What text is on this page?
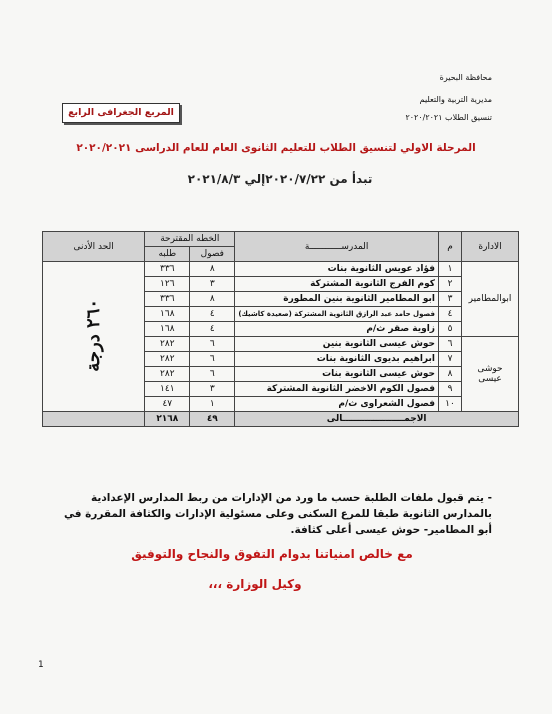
محافظة البحيرة
مديرية التربية والتعليم
تنسيق الطلاب ٢٠٢٠/٢٠٢١
المربع الجغرافى الرابع
المرحلة الاولي لتنسيق الطلاب للتعليم الثانوى العام للعام الدراسى ٢٠٢٠/٢٠٢١
تبدأ من ٢٠٢٠/٧/٢٢إلي ٢٠٢١/٨/٣
الادارة	م	المدرســــــــــــة	الخطه المقترحة		الحد الأدنى
			فصول	طلبه	
ابوالمطامير	١	فؤاد عويس الثانوية بنات	٨	٣٣٦	٢٦٠ درجة
	٢	كوم الفرج الثانوية المشتركة	٣	١٢٦	
	٣	ابو المطامير الثانوية بنين المطورة	٨	٣٣٦	
	٤	فصول حامد عبد الرازق الثانوية المشتركة (صعيدة كاشيك)	٤	١٦٨	
	٥	زاوية صقر ث/م	٤	١٦٨	
حوشى عيسى	٦	حوش عيسى الثانوية بنين	٦	٢٨٢	
	٧	ابراهيم بديوى الثانوية بنات	٦	٢٨٢	
	٨	حوش عيسى الثانوية بنات	٦	٢٨٢	
	٩	فصول الكوم الاخضر الثانوية المشتركة	٣	١٤١	
	١٠	فصول الشعراوى ث/م	١	٤٧	
الاجمــــــــــــــــــــالى			٤٩	٢١٦٨	
- يتم قبول ملفات الطلبة حسب ما ورد من الإدارات من ربط المدارس الإعدادية بالمدارس الثانوية طبقا للمرع السكنى وعلى مسئولية الإدارات والكثافة المقررة في أبو المطامير- حوش عيسى أعلى كثافة.
مع خالص امنياتنا بدوام التفوق والنجاح والتوفيق
وكيل الوزارة ،،،
1
